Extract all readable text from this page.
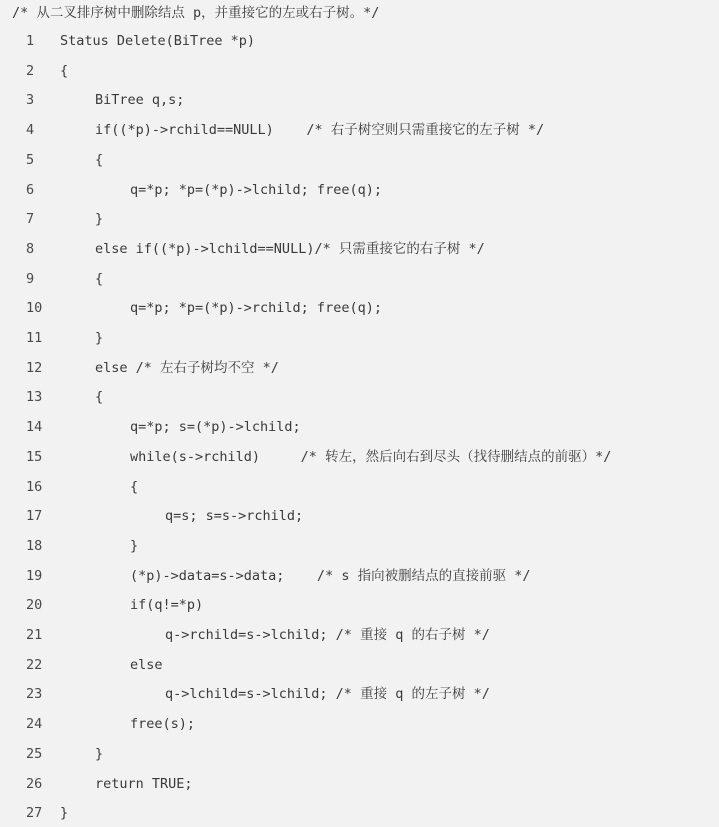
/* 从二叉排序树中删除结点 p，并重接它的左或右子树。*/
1	Status Delete(BiTree *p)
2	{
3	BiTree q,s;
4	if((*p)->rchild==NULL)    /* 右子树空则只需重接它的左子树 */
5	{
6	q=*p; *p=(*p)->lchild; free(q);
7	}
8	else if((*p)->lchild==NULL)/* 只需重接它的右子树 */
9	{
10	q=*p; *p=(*p)->rchild; free(q);
11	}
12	else /* 左右子树均不空 */
13	{
14	q=*p; s=(*p)->lchild;
15	while(s->rchild)     /* 转左，然后向右到尽头（找待删结点的前驱）*/
16	{
17	q=s; s=s->rchild;
18	}
19	(*p)->data=s->data;    /* s 指向被删结点的直接前驱 */
20	if(q!=*p)
21	q->rchild=s->lchild; /* 重接 q 的右子树 */
22	else
23	q->lchild=s->lchild; /* 重接 q 的左子树 */
24	free(s);
25	}
26	return TRUE;
27	}
